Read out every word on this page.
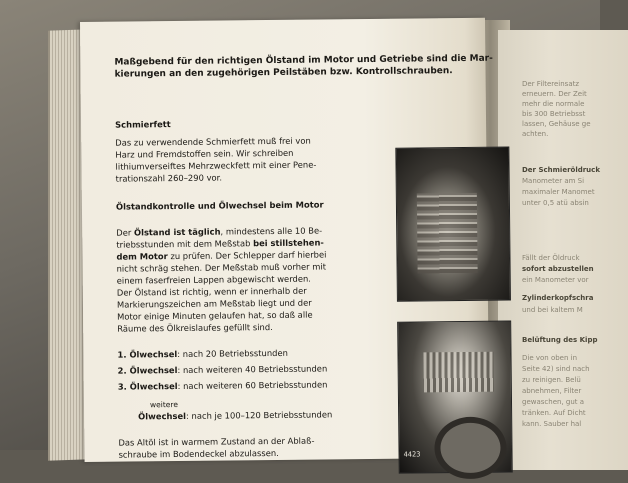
Der Filtereinsatz
erneuern. Der Zeit
mehr die normale
bis 300 Betriebsst
lassen, Gehäuse ge
achten.
Der Schmieröldruck
Manometer am Si
maximaler Manomet
unter 0,5 atü absin
Fällt der Öldruck
sofort abzustellen
ein Manometer vor
Zylinderkopfschra
und bei kaltem M
Belüftung des Kipp
Die von oben in
Seite 42) sind nach
zu reinigen. Belü
abnehmen, Filter
gewaschen, gut a
tränken. Auf Dicht
kann. Sauber hal
Maßgebend für den richtigen Ölstand im Motor und Getriebe sind die Mar-
kierungen an den zugehörigen Peilstäben bzw. Kontrollschrauben.
Schmierfett
Das zu verwendende Schmierfett muß frei von
Harz und Fremdstoffen sein. Wir schreiben
lithiumverseiftes Mehrzweckfett mit einer Pene-
trationszahl 260–290 vor.
Ölstandkontrolle und Ölwechsel beim Motor
Der Ölstand ist täglich, mindestens alle 10 Be-
triebsstunden mit dem Meßstab bei stillstehen-
dem Motor zu prüfen. Der Schlepper darf hierbei
nicht schräg stehen. Der Meßstab muß vorher mit
einem faserfreien Lappen abgewischt werden.
Der Ölstand ist richtig, wenn er innerhalb der
Markierungszeichen am Meßstab liegt und der
Motor einige Minuten gelaufen hat, so daß alle
Räume des Ölkreislaufes gefüllt sind.
1. Ölwechsel: nach 20 Betriebsstunden
2. Ölwechsel: nach weiteren 40 Betriebsstunden
3. Ölwechsel: nach weiteren 60 Betriebsstunden
weitere
Ölwechsel: nach je 100–120 Betriebsstunden
Das Altöl ist in warmem Zustand an der Ablaß-
schraube im Bodendeckel abzulassen.	4423
